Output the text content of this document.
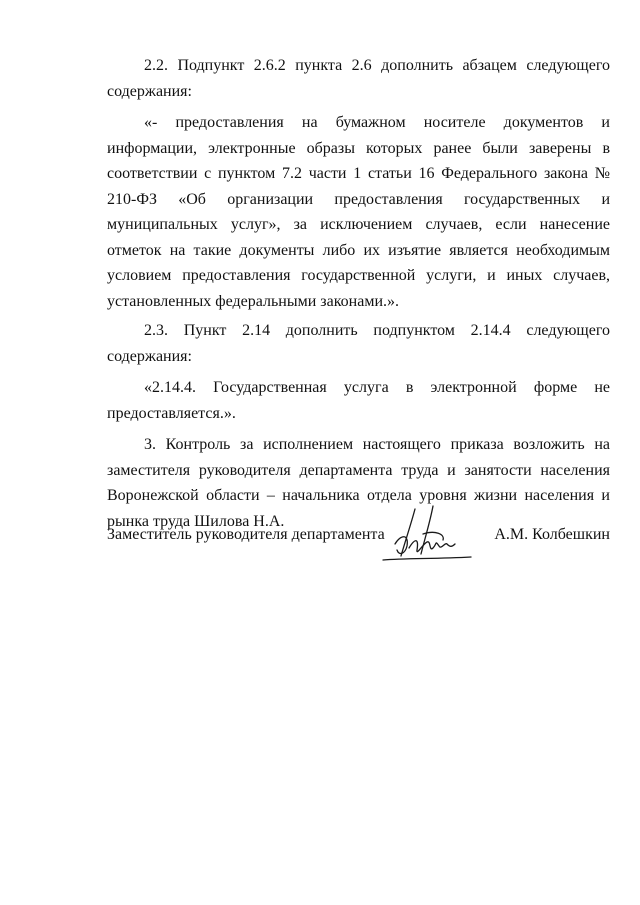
2.2. Подпункт 2.6.2 пункта 2.6 дополнить абзацем следующего содержания:

«- предоставления на бумажном носителе документов и информации, электронные образы которых ранее были заверены в соответствии с пунктом 7.2 части 1 статьи 16 Федерального закона № 210-ФЗ «Об организации предоставления государственных и муниципальных услуг», за исключением случаев, если нанесение отметок на такие документы либо их изъятие является необходимым условием предоставления государственной услуги, и иных случаев, установленных федеральными законами.».

2.3. Пункт 2.14 дополнить подпунктом 2.14.4 следующего содержания:

«2.14.4. Государственная услуга в электронной форме не предоставляется.».

3. Контроль за исполнением настоящего приказа возложить на заместителя руководителя департамента труда и занятости населения Воронежской области – начальника отдела уровня жизни населения и рынка труда Шилова Н.А.

Заместитель руководителя департамента	А.М. Колбешкин
